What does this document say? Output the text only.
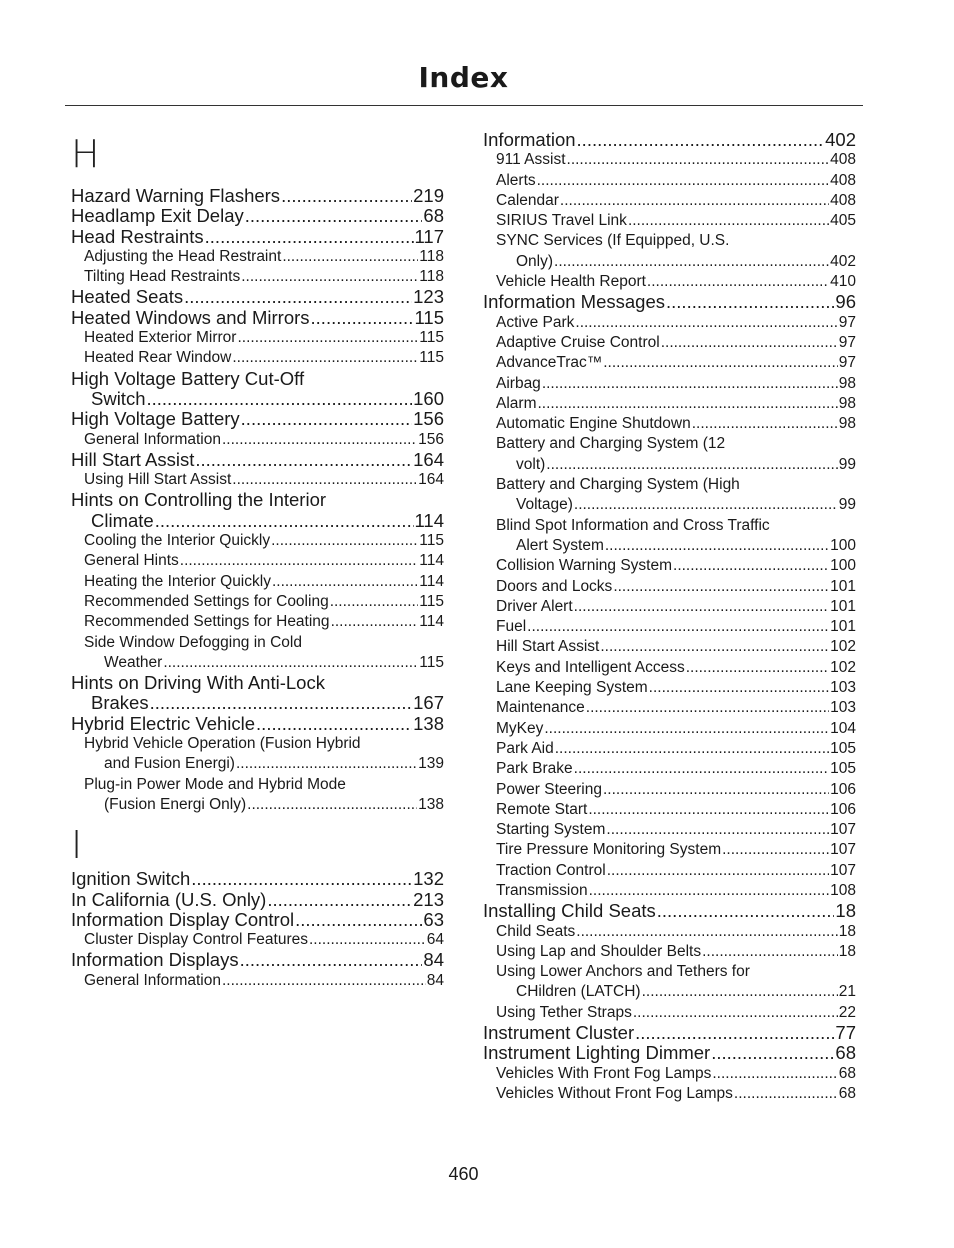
Index
H
Hazard Warning Flashers .....	219
Headlamp Exit Delay .....	68
Head Restraints .....	117
Adjusting the Head Restraint .....	118
Tilting Head Restraints .....	118
Heated Seats .....	123
Heated Windows and Mirrors .....	115
Heated Exterior Mirror .....	115
Heated Rear Window .....	115
High Voltage Battery Cut-Off
Switch .....	160
High Voltage Battery .....	156
General Information .....	156
Hill Start Assist .....	164
Using Hill Start Assist .....	164
Hints on Controlling the Interior
Climate .....	114
Cooling the Interior Quickly .....	115
General Hints .....	114
Heating the Interior Quickly .....	114
Recommended Settings for Cooling .....	115
Recommended Settings for Heating .....	114
Side Window Defogging in Cold
Weather .....	115
Hints on Driving With Anti-Lock
Brakes .....	167
Hybrid Electric Vehicle .....	138
Hybrid Vehicle Operation (Fusion Hybrid
and Fusion Energi) .....	139
Plug-in Power Mode and Hybrid Mode
(Fusion Energi Only) .....	138
I
Ignition Switch .....	132
In California (U.S. Only) .....	213
Information Display Control .....	63
Cluster Display Control Features .....	64
Information Displays .....	84
General Information .....	84
Information .....	402
911 Assist .....	408
Alerts .....	408
Calendar .....	408
SIRIUS Travel Link .....	405
SYNC Services (If Equipped, U.S.
Only) .....	402
Vehicle Health Report .....	410
Information Messages .....	96
Active Park .....	97
Adaptive Cruise Control .....	97
AdvanceTrac™ .....	97
Airbag .....	98
Alarm .....	98
Automatic Engine Shutdown .....	98
Battery and Charging System (12
volt) .....	99
Battery and Charging System (High
Voltage) .....	99
Blind Spot Information and Cross Traffic
Alert System .....	100
Collision Warning System .....	100
Doors and Locks .....	101
Driver Alert .....	101
Fuel .....	101
Hill Start Assist .....	102
Keys and Intelligent Access .....	102
Lane Keeping System .....	103
Maintenance .....	103
MyKey .....	104
Park Aid .....	105
Park Brake .....	105
Power Steering .....	106
Remote Start .....	106
Starting System .....	107
Tire Pressure Monitoring System .....	107
Traction Control .....	107
Transmission .....	108
Installing Child Seats .....	18
Child Seats .....	18
Using Lap and Shoulder Belts .....	18
Using Lower Anchors and Tethers for
CHildren (LATCH) .....	21
Using Tether Straps .....	22
Instrument Cluster .....	77
Instrument Lighting Dimmer .....	68
Vehicles With Front Fog Lamps .....	68
Vehicles Without Front Fog Lamps .....	68
460
